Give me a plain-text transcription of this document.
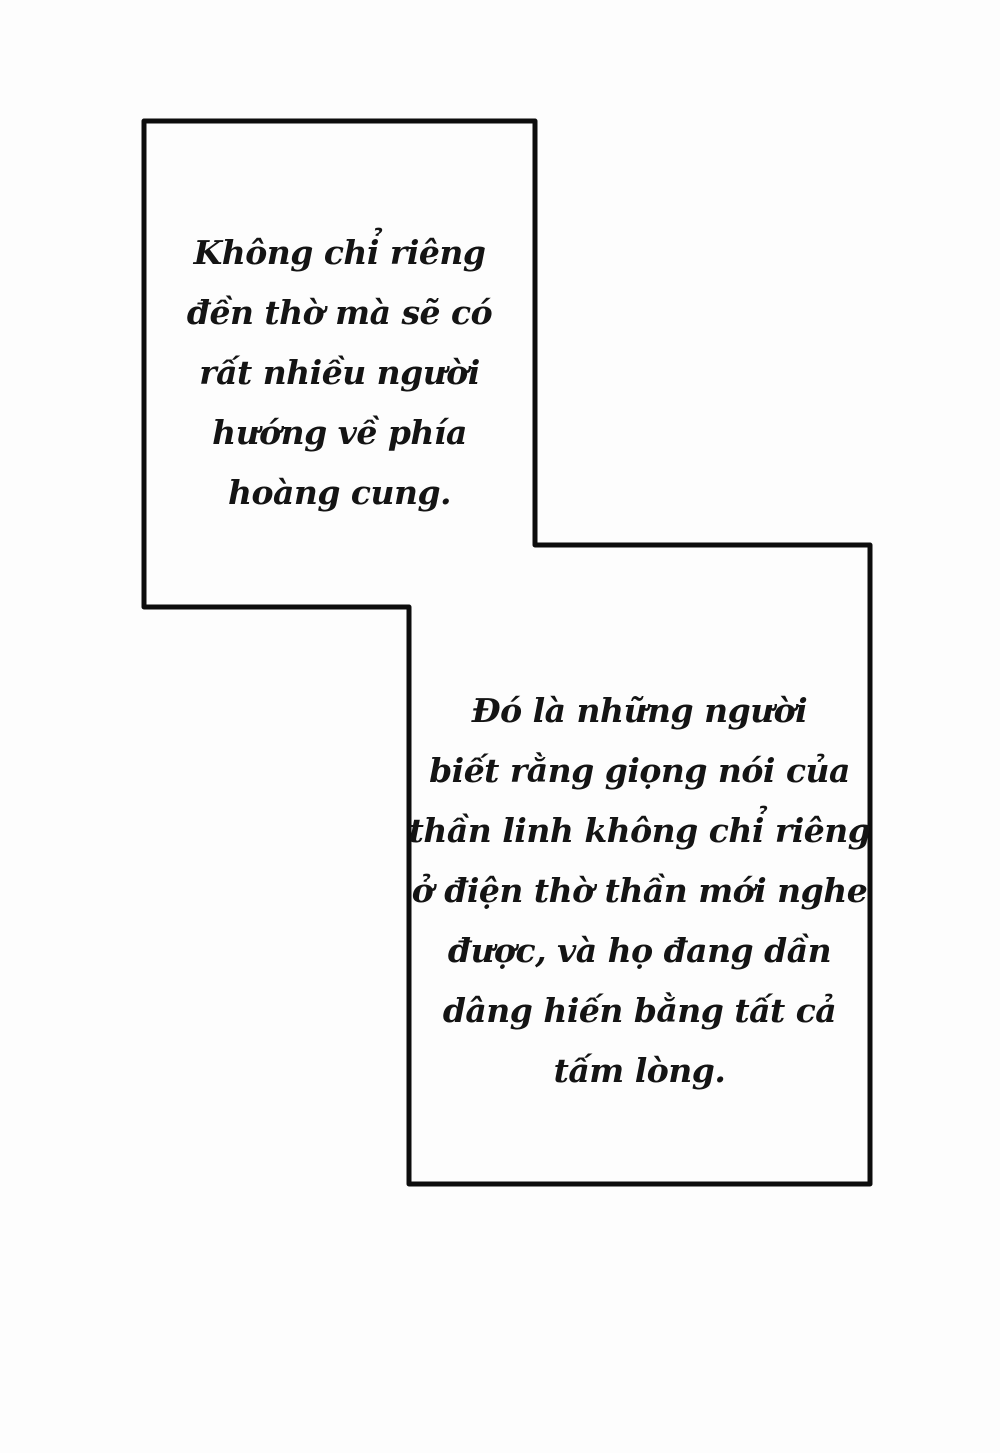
Không chỉ riêng
đền thờ mà sẽ có
rất nhiều người
hướng về phía
hoàng cung.
Đó là những người
biết rằng giọng nói của
thần linh không chỉ riêng
ở điện thờ thần mới nghe
được, và họ đang dần
dâng hiến bằng tất cả
tấm lòng.
